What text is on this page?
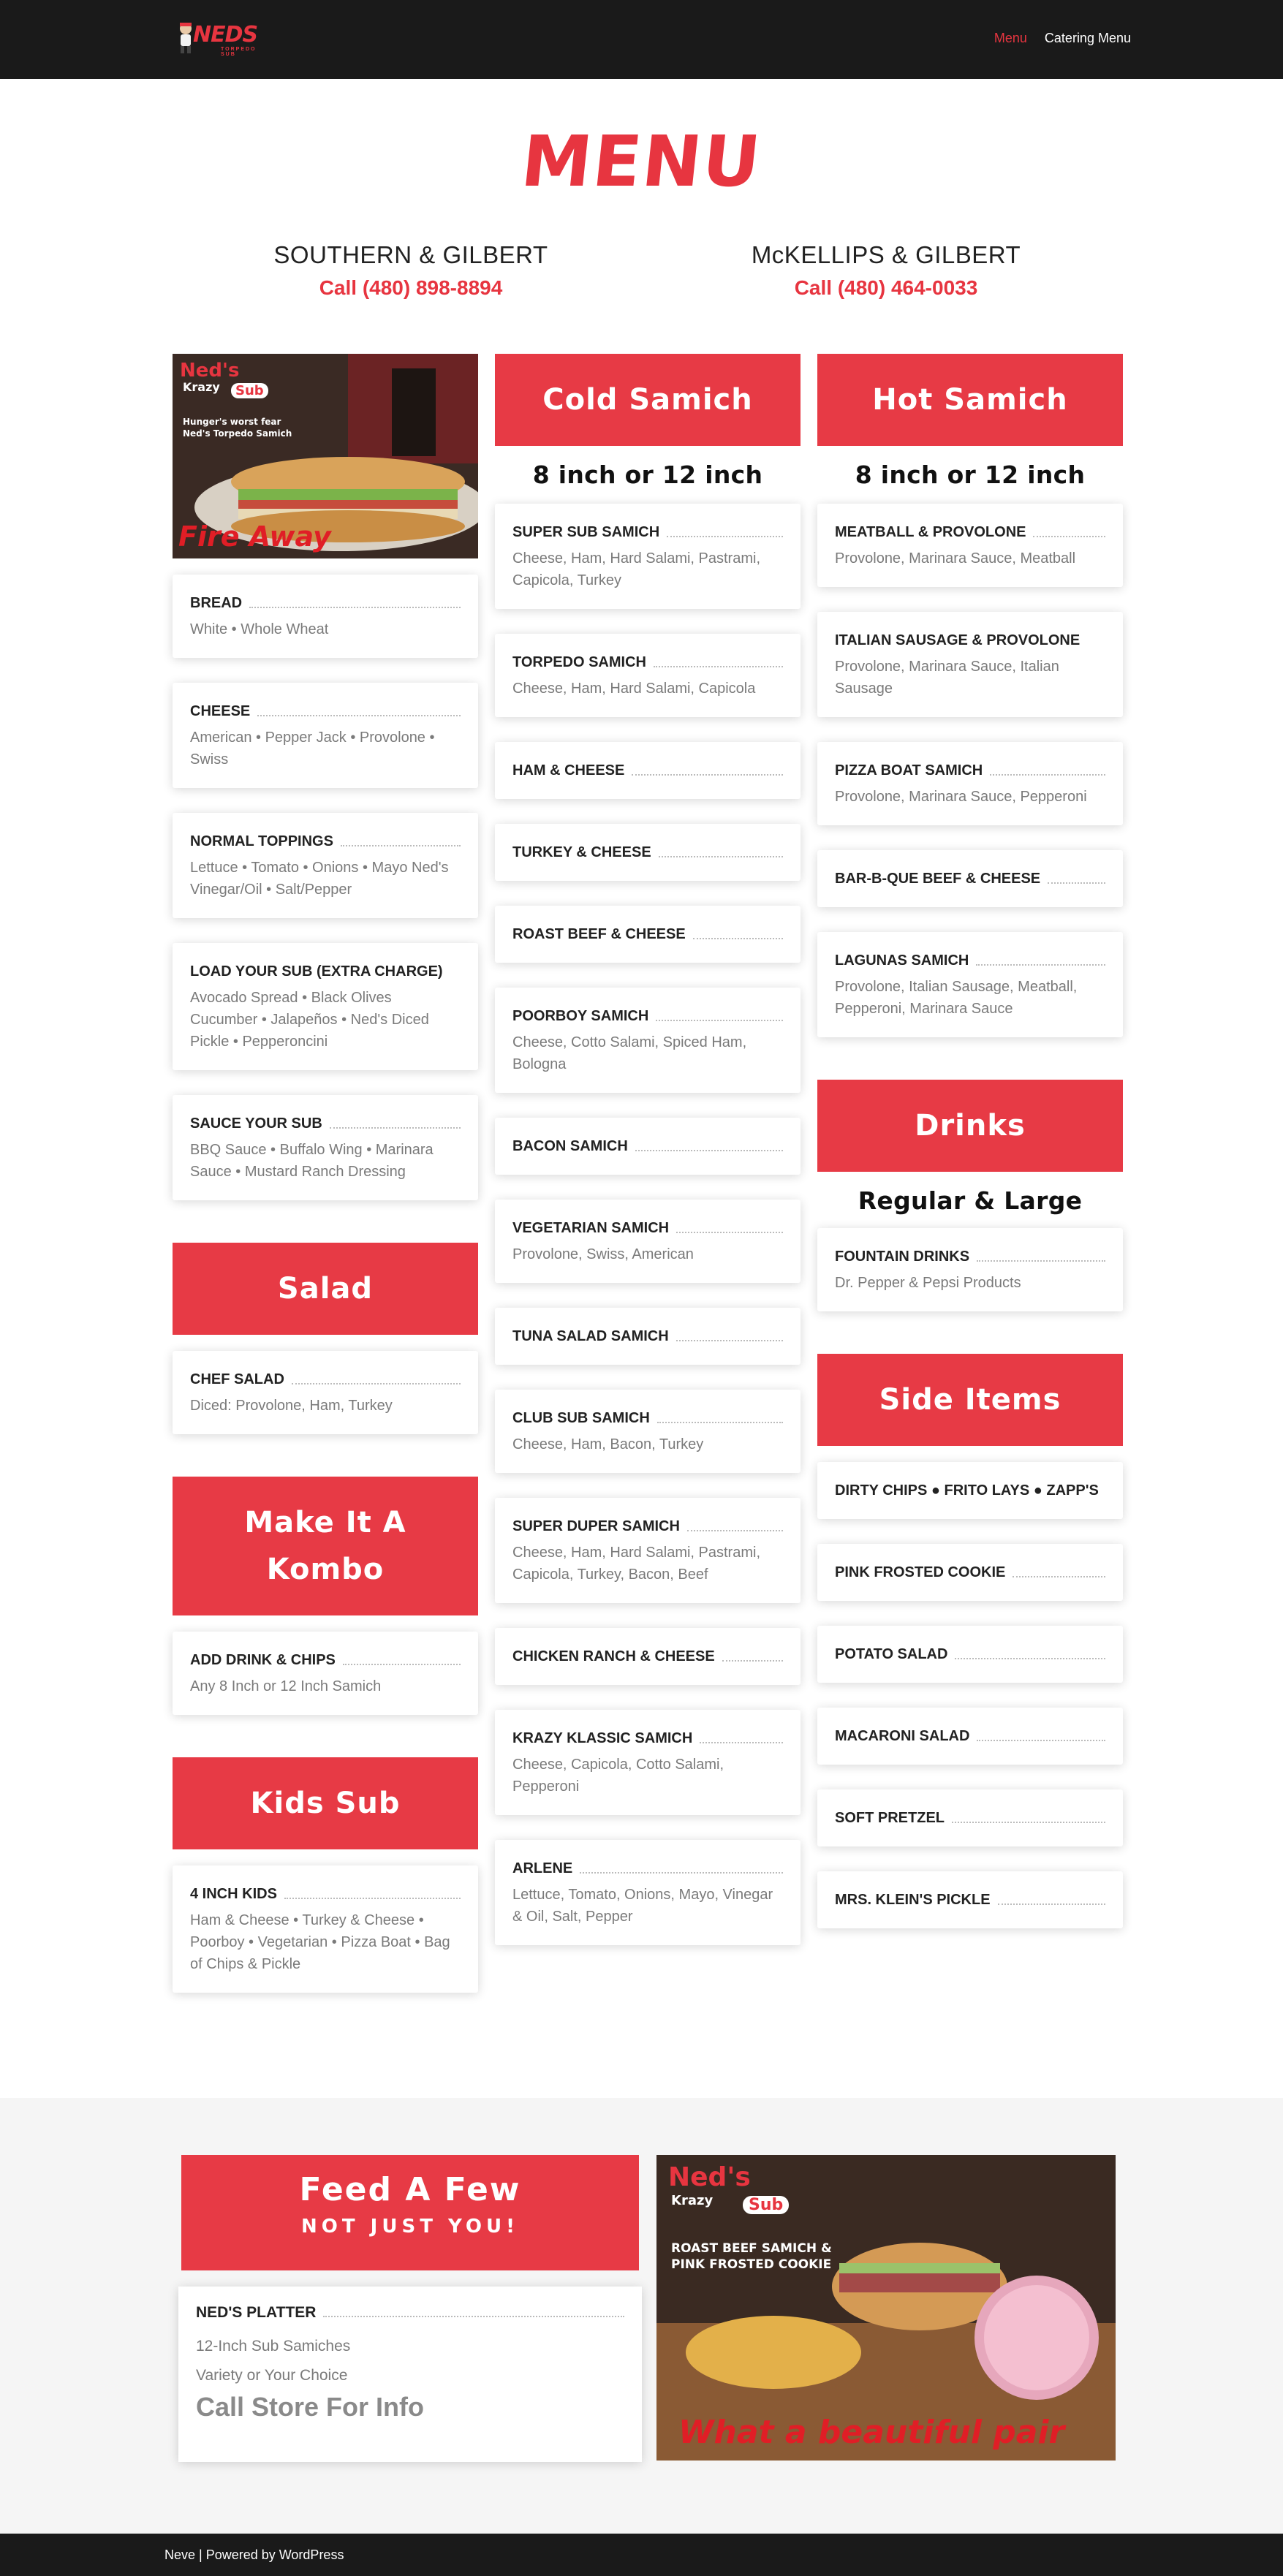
NEDS
TORPEDO SUB
Menu Catering Menu
MENU
SOUTHERN & GILBERT
Call (480) 898-8894
McKELLIPS & GILBERT
Call (480) 464-0033
Ned's
Krazy	Sub
Hunger's worst fear
Ned's Torpedo Samich
Fire Away
BREAD
White • Whole Wheat
CHEESE
American • Pepper Jack • Provolone • Swiss
NORMAL TOPPINGS
Lettuce • Tomato • Onions • Mayo Ned's Vinegar/Oil • Salt/Pepper
LOAD YOUR SUB (EXTRA CHARGE)
Avocado Spread • Black Olives Cucumber • Jalapeños • Ned's Diced Pickle • Pepperoncini
SAUCE YOUR SUB
BBQ Sauce • Buffalo Wing • Marinara Sauce • Mustard Ranch Dressing
Salad
CHEF SALAD
Diced: Provolone, Ham, Turkey
Make It A Kombo
ADD DRINK & CHIPS
Any 8 Inch or 12 Inch Samich
Kids Sub
4 INCH KIDS
Ham & Cheese • Turkey & Cheese • Poorboy • Vegetarian • Pizza Boat • Bag of Chips & Pickle
Cold Samich
8 inch or 12 inch
SUPER SUB SAMICH
Cheese, Ham, Hard Salami, Pastrami, Capicola, Turkey
TORPEDO SAMICH
Cheese, Ham, Hard Salami, Capicola
HAM & CHEESE
TURKEY & CHEESE
ROAST BEEF & CHEESE
POORBOY SAMICH
Cheese, Cotto Salami, Spiced Ham, Bologna
BACON SAMICH
VEGETARIAN SAMICH
Provolone, Swiss, American
TUNA SALAD SAMICH
CLUB SUB SAMICH
Cheese, Ham, Bacon, Turkey
SUPER DUPER SAMICH
Cheese, Ham, Hard Salami, Pastrami, Capicola, Turkey, Bacon, Beef
CHICKEN RANCH & CHEESE
KRAZY KLASSIC SAMICH
Cheese, Capicola, Cotto Salami, Pepperoni
ARLENE
Lettuce, Tomato, Onions, Mayo, Vinegar & Oil, Salt, Pepper
Hot Samich
8 inch or 12 inch
MEATBALL & PROVOLONE
Provolone, Marinara Sauce, Meatball
ITALIAN SAUSAGE & PROVOLONE
Provolone, Marinara Sauce, Italian Sausage
PIZZA BOAT SAMICH
Provolone, Marinara Sauce, Pepperoni
BAR-B-QUE BEEF & CHEESE
LAGUNAS SAMICH
Provolone, Italian Sausage, Meatball, Pepperoni, Marinara Sauce
Drinks
Regular & Large
FOUNTAIN DRINKS
Dr. Pepper & Pepsi Products
Side Items
DIRTY CHIPS ● FRITO LAYS ● ZAPP'S
PINK FROSTED COOKIE
POTATO SALAD
MACARONI SALAD
SOFT PRETZEL
MRS. KLEIN'S PICKLE
Feed A Few
NOT JUST YOU!
NED'S PLATTER
12-Inch Sub Samiches
Variety or Your Choice
Call Store For Info
Ned's
Krazy	Sub
ROAST BEEF SAMICH &
PINK FROSTED COOKIE
What a beautiful pair
Neve | Powered by WordPress
